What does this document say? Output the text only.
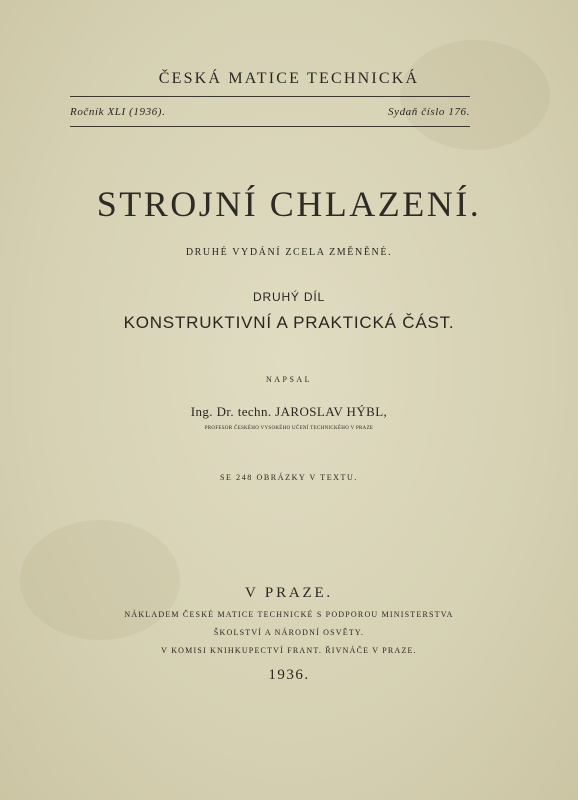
ČESKÁ MATICE TECHNICKÁ
Ročník XLI (1936).	Sydaň číslo 176.
STROJNÍ CHLAZENÍ.
DRUHÉ VYDÁNÍ ZCELA ZMĚNĚNÉ.
DRUHÝ DÍL
KONSTRUKTIVNÍ A PRAKTICKÁ ČÁST.
NAPSAL
Ing. Dr. techn. JAROSLAV HÝBL,
PROFESOR ČESKÉHO VYSOKÉHO UČENÍ TECHNICKÉHO V PRAZE
SE 248 OBRÁZKY V TEXTU.
V PRAZE.
NÁKLADEM ČESKÉ MATICE TECHNICKÉ S PODPOROU MINISTERSTVA
ŠKOLSTVÍ A NÁRODNÍ OSVĚTY.
V KOMISI KNIHKUPECTVÍ FRANT. ŘIVNÁČE V PRAZE.
1936.
